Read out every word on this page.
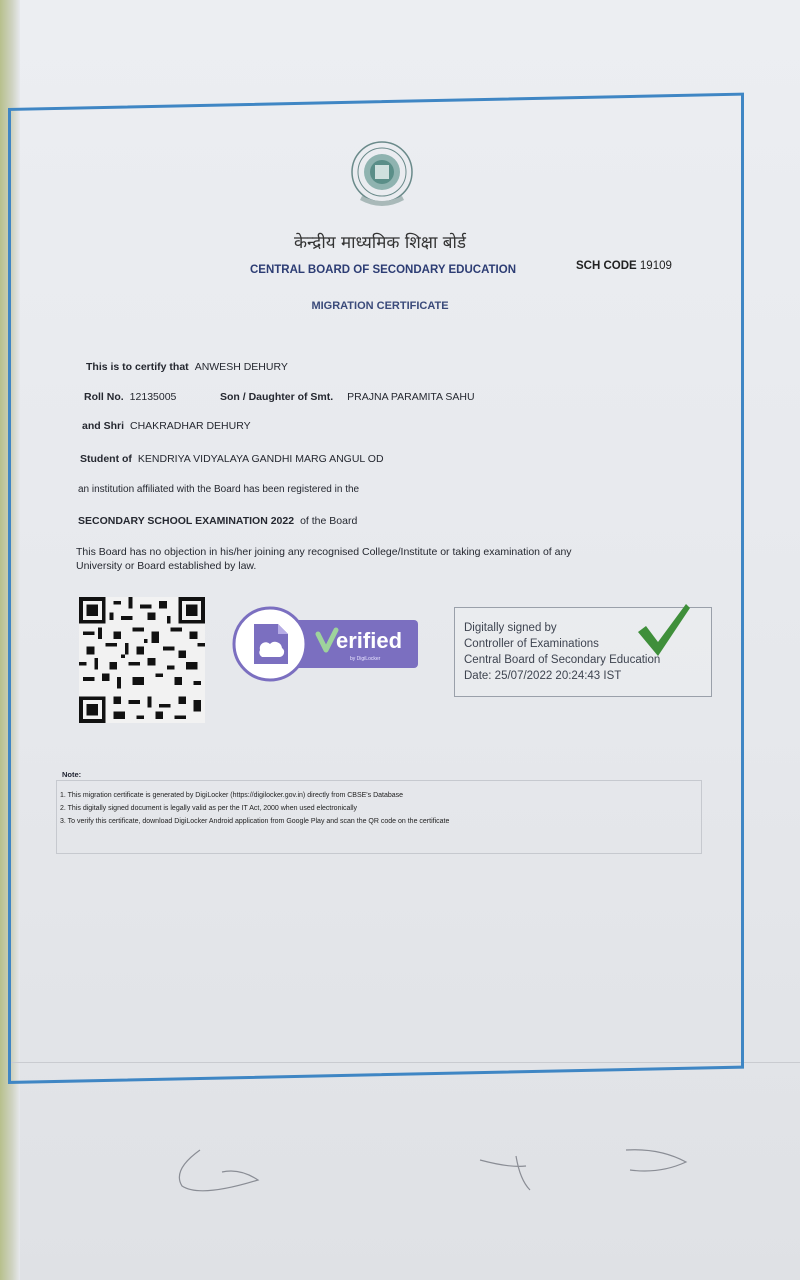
केन्द्रीय माध्यमिक शिक्षा बोर्ड
CENTRAL BOARD OF SECONDARY EDUCATION	SCH CODE 19109
MIGRATION CERTIFICATE
This is to certify that ANWESH DEHURY
Roll No. 12135005	Son / Daughter of Smt. PRAJNA PARAMITA SAHU
and Shri CHAKRADHAR DEHURY
Student of KENDRIYA VIDYALAYA GANDHI MARG ANGUL OD
an institution affiliated with the Board has been registered in the
SECONDARY SCHOOL EXAMINATION 2022 of the Board
This Board has no objection in his/her joining any recognised College/Institute or taking examination of any
University or Board established by law.
erified
by DigiLocker
Digitally signed by
Controller of Examinations
Central Board of Secondary Education
Date: 25/07/2022 20:24:43 IST
Note:
1. This migration certificate is generated by DigiLocker (https://digilocker.gov.in) directly from CBSE's Database
2. This digitally signed document is legally valid as per the IT Act, 2000 when used electronically
3. To verify this certificate, download DigiLocker Android application from Google Play and scan the QR code on the certificate
